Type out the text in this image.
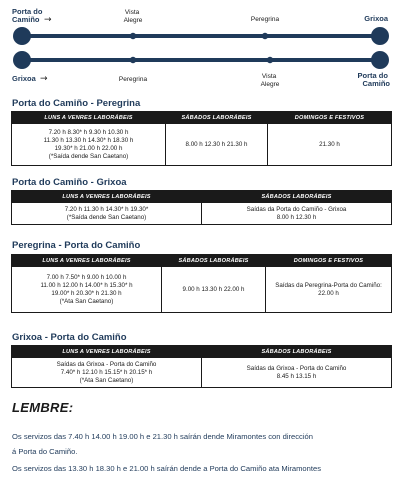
Porta do Camiño →
Vista Alegre	Peregrina	Grixoa
Grixoa →	Peregrina	Vista Alegre
Porta do Camiño
Porta do Camiño - Peregrina
LUNS A VENRES LABORÁBEIS	SÁBADOS LABORÁBEIS	DOMINGOS E FESTIVOS

7.20 h 8.30* h 9.30 h 10.30 h
11.30 h 13.30 h 14.30* h 18.30 h
19.30* h 21.00 h 22.00 h
(*Saída dende San Caetano)	8.00 h 12.30 h 21.30 h	21.30 h
Porta do Camiño - Grixoa
LUNS A VENRES LABORÁBEIS	SÁBADOS LABORÁBEIS

7.20 h 11.30 h 14.30* h 19.30*
(*Saída dende San Caetano)	Saídas da Porta do Camiño - Grixoa
8.00 h 12.30 h
Peregrina - Porta do Camiño
LUNS A VENRES LABORÁBEIS	SÁBADOS LABORÁBEIS	DOMINGOS E FESTIVOS

7.00 h 7.50* h 9.00 h 10.00 h
11.00 h 12.00 h 14.00* h 15.30* h
19.00* h 20.30* h 21.30 h
(*Ata San Caetano)	9.00 h 13.30 h 22.00 h	Saídas da Peregrina-Porta do Camiño:
22.00 h
Grixoa - Porta do Camiño
LUNS A VENRES LABORÁBEIS	SÁBADOS LABORÁBEIS

Saídas da Grixoa - Porta do Camiño
7.40* h 12.10 h 15.15* h 20.15* h
(*Ata San Caetano)	Saídas da Grixoa - Porta do Camiño
8.45 h 13.15 h
LEMBRE:
Os servizos das 7.40 h 14.00 h 19.00 h e 21.30 h saírán dende Miramontes con dirección
á Porta do Camiño.
Os servizos das 13.30 h 18.30 h e 21.00 h saírán dende a Porta do Camiño ata Miramontes
